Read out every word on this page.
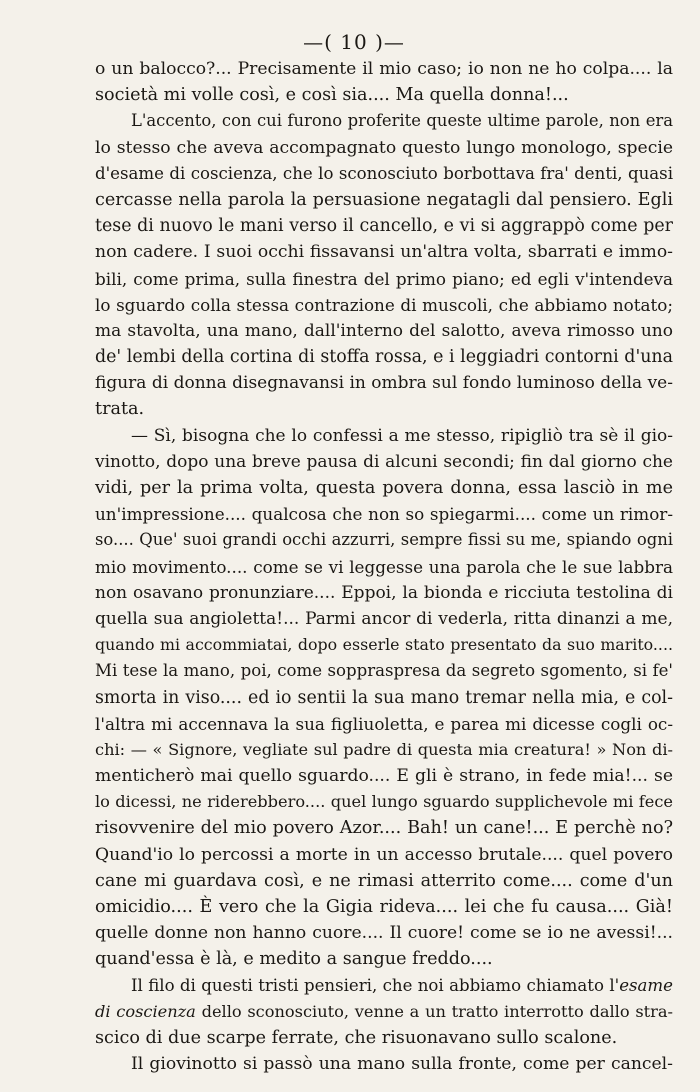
—( 10 )—
o un balocco?... Precisamente il mio caso; io non ne ho colpa.... la
società mi volle così, e così sia.... Ma quella donna!...
L'accento, con cui furono proferite queste ultime parole, non era
lo stesso che aveva accompagnato questo lungo monologo, specie
d'esame di coscienza, che lo sconosciuto borbottava fra' denti, quasi
cercasse nella parola la persuasione negatagli dal pensiero. Egli
tese di nuovo le mani verso il cancello, e vi si aggrappò come per
non cadere. I suoi occhi fissavansi un'altra volta, sbarrati e immo-
bili, come prima, sulla finestra del primo piano; ed egli v'intendeva
lo sguardo colla stessa contrazione di muscoli, che abbiamo notato;
ma stavolta, una mano, dall'interno del salotto, aveva rimosso uno
de' lembi della cortina di stoffa rossa, e i leggiadri contorni d'una
figura di donna disegnavansi in ombra sul fondo luminoso della ve-
trata.
— Sì, bisogna che lo confessi a me stesso, ripigliò tra sè il gio-
vinotto, dopo una breve pausa di alcuni secondi; fin dal giorno che
vidi, per la prima volta, questa povera donna, essa lasciò in me
un'impressione.... qualcosa che non so spiegarmi.... come un rimor-
so.... Que' suoi grandi occhi azzurri, sempre fissi su me, spiando ogni
mio movimento.... come se vi leggesse una parola che le sue labbra
non osavano pronunziare.... Eppoi, la bionda e ricciuta testolina di
quella sua angioletta!... Parmi ancor di vederla, ritta dinanzi a me,
quando mi accommiatai, dopo esserle stato presentato da suo marito....
Mi tese la mano, poi, come soppraspresa da segreto sgomento, si fe'
smorta in viso.... ed io sentii la sua mano tremar nella mia, e col-
l'altra mi accennava la sua figliuoletta, e parea mi dicesse cogli oc-
chi: — « Signore, vegliate sul padre di questa mia creatura! » Non di-
menticherò mai quello sguardo.... E gli è strano, in fede mia!... se
lo dicessi, ne riderebbero.... quel lungo sguardo supplichevole mi fece
risovvenire del mio povero Azor.... Bah! un cane!... E perchè no?
Quand'io lo percossi a morte in un accesso brutale.... quel povero
cane mi guardava così, e ne rimasi atterrito come.... come d'un
omicidio.... È vero che la Gigia rideva.... lei che fu causa.... Già!
quelle donne non hanno cuore.... Il cuore! come se io ne avessi!...
quand'essa è là, e medito a sangue freddo....
Il filo di questi tristi pensieri, che noi abbiamo chiamato l'esame
di coscienza dello sconosciuto, venne a un tratto interrotto dallo stra-
scico di due scarpe ferrate, che risuonavano sullo scalone.
Il giovinotto si passò una mano sulla fronte, come per cancel-
